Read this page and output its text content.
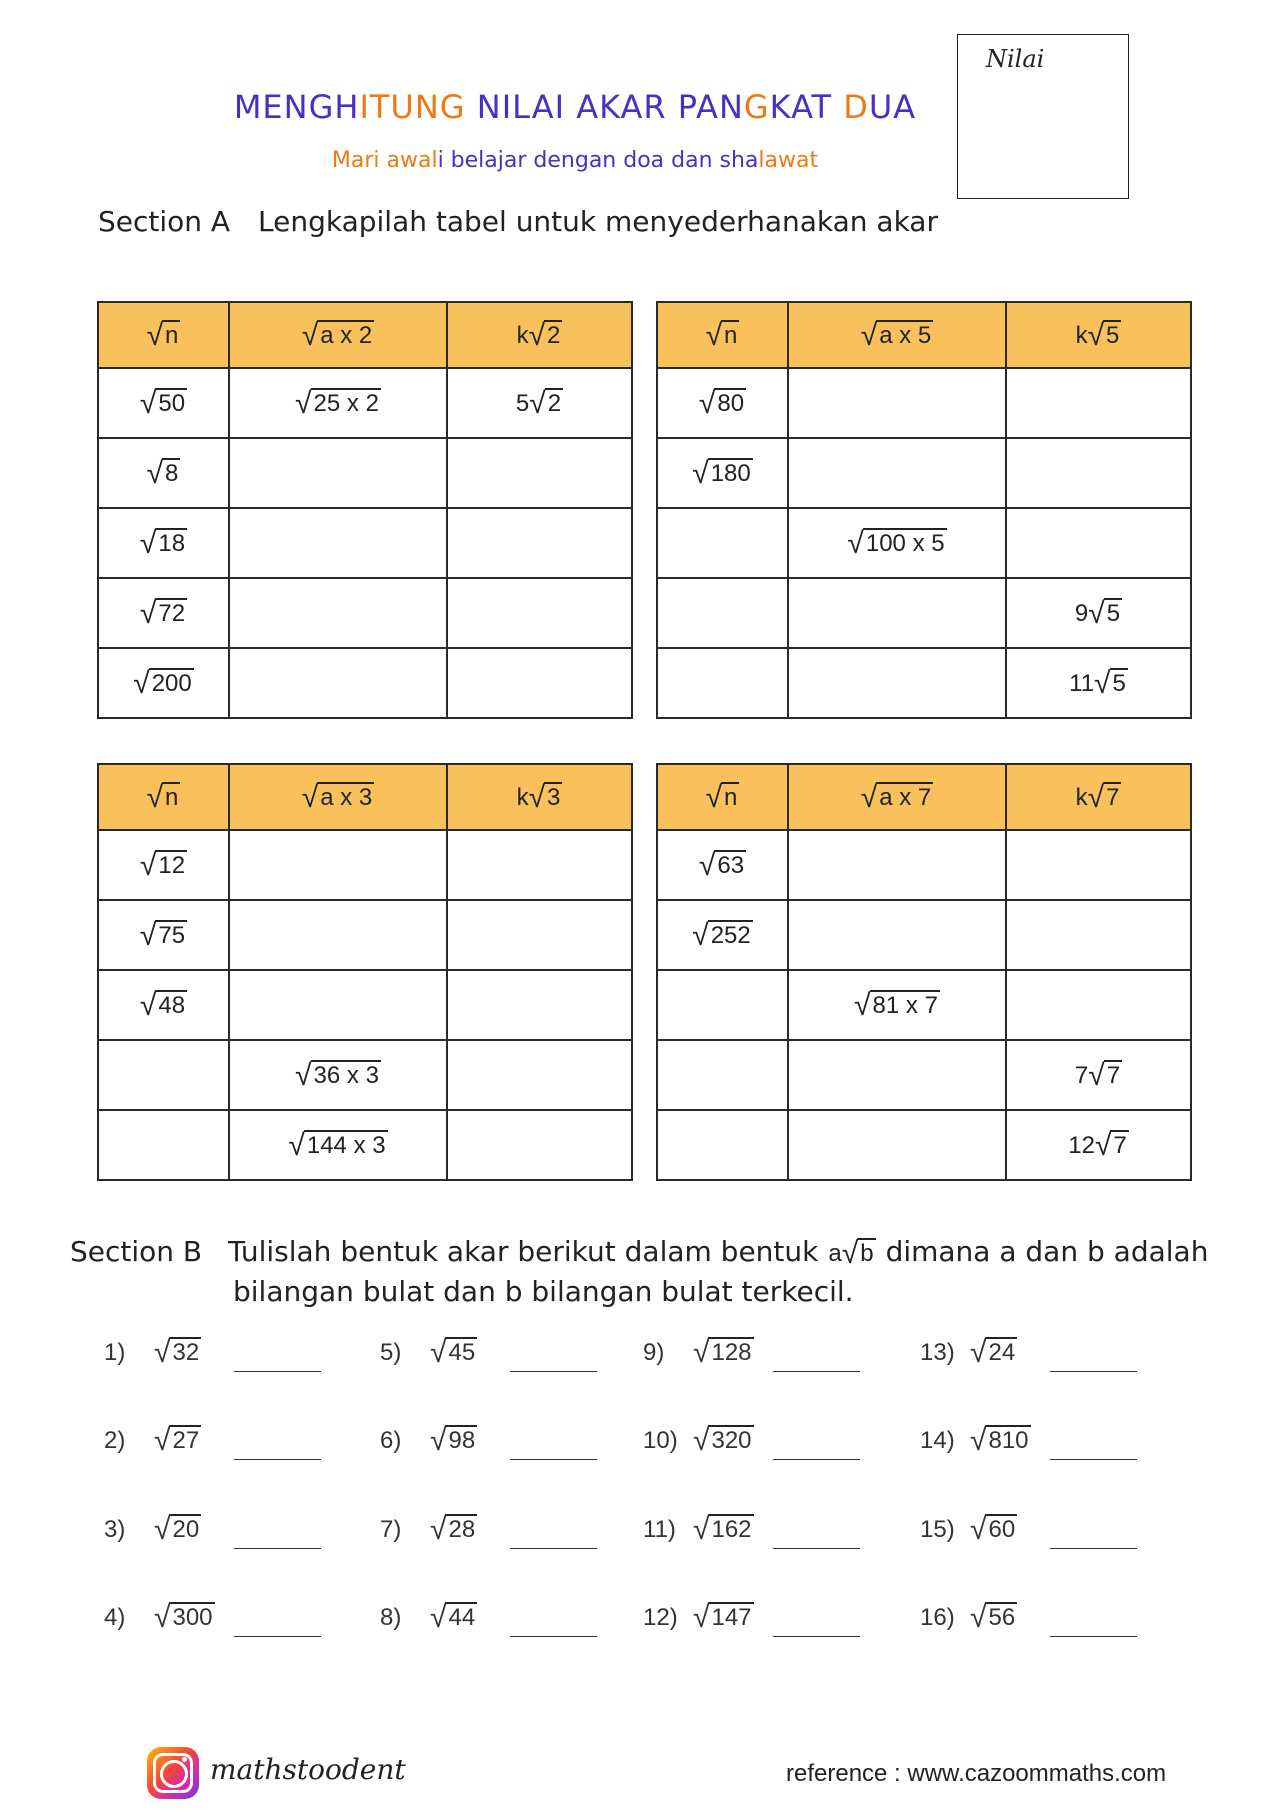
Nilai
MENGHITUNG NILAI AKAR PANGKAT DUA
Mari awali belajar dengan doa dan shalawat
Section A Lengkapilah tabel untuk menyederhanakan akar
√ n	√ a x 2	k √ 2

√ 50	√ 25 x 2	5 √ 2

√ 8		

√ 18		

√ 72		

√ 200		

√ n	√ a x 5	k √ 5

√ 80		

√ 180		

	√ 100 x 5	

		9 √ 5

		11 √ 5
√ n	√ a x 3	k √ 3

√ 12		

√ 75		

√ 48		

	√ 36 x 3	

	√ 144 x 3	

√ n	√ a x 7	k √ 7

√ 63		

√ 252		

	√ 81 x 7	

		7 √ 7

		12 √ 7
Section B Tulislah bentuk akar berikut dalam bentuk a √ b dimana a dan b adalah
bilangan bulat dan b bilangan bulat terkecil.
1) √ 32	5) √ 45	9) √ 128	13) √ 24
2) √ 27	6) √ 98	10) √ 320	14) √ 810
3) √ 20	7) √ 28	11) √ 162	15) √ 60
4) √ 300	8) √ 44	12) √ 147	16) √ 56
mathstoodent	reference : www.cazoommaths.com
